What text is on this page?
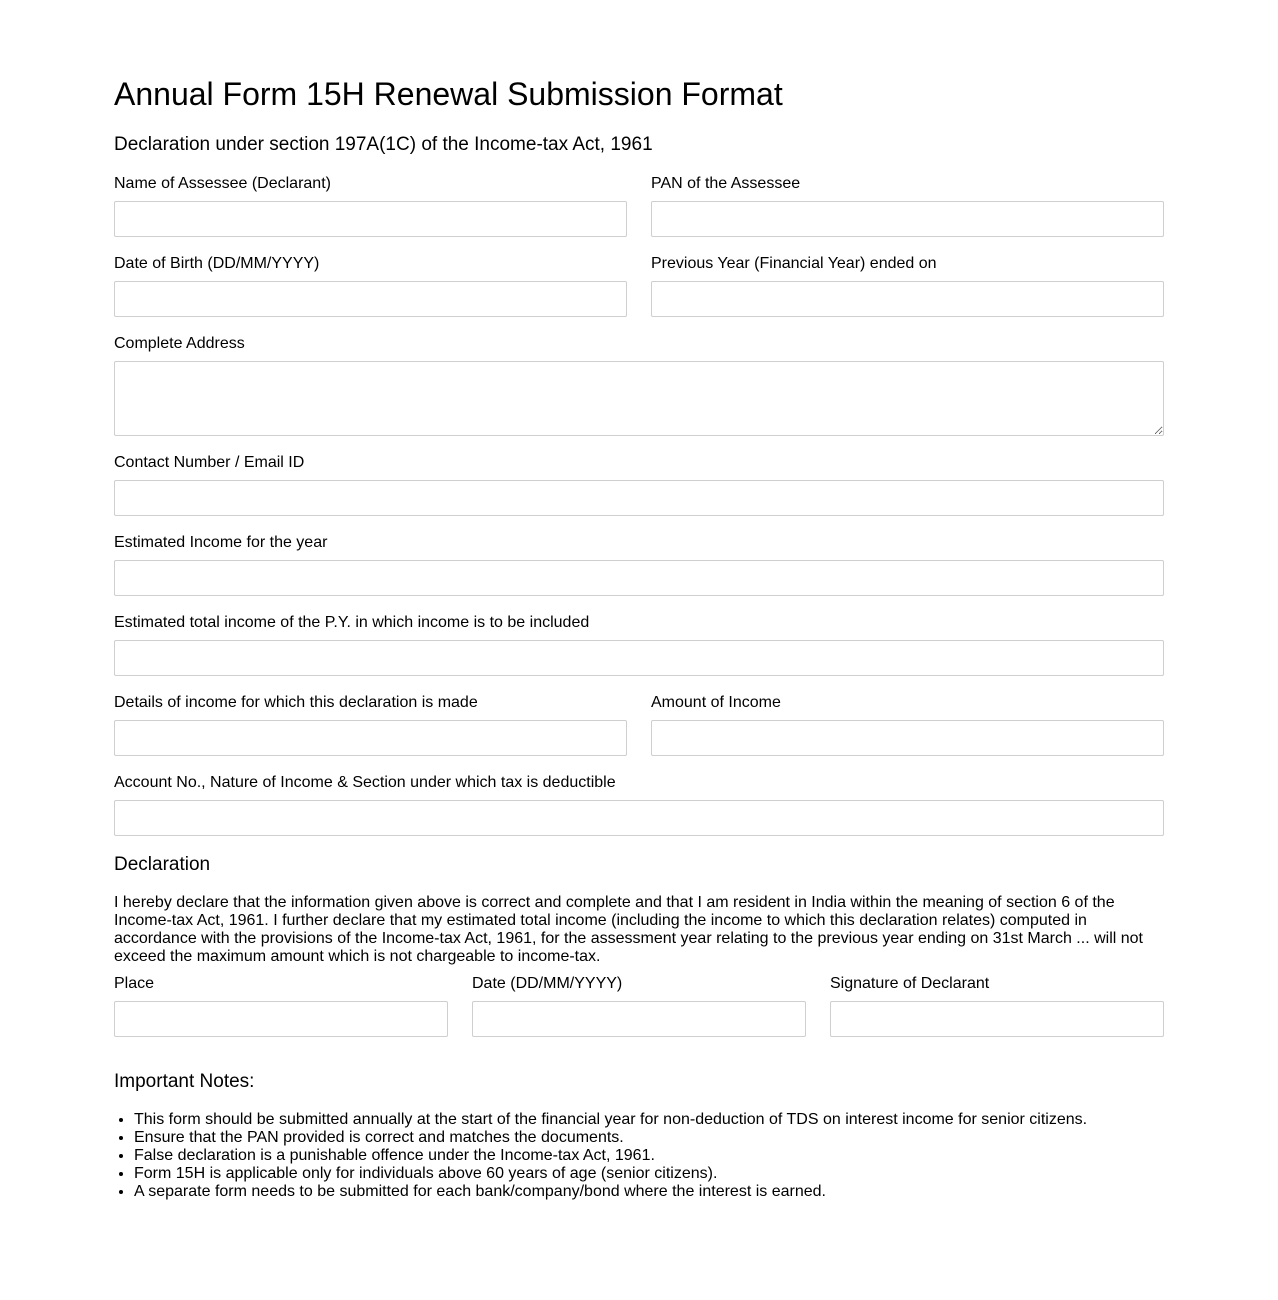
Annual Form 15H Renewal Submission Format
Declaration under section 197A(1C) of the Income-tax Act, 1961
Name of Assessee (Declarant)	PAN of the Assessee
Date of Birth (DD/MM/YYYY)	Previous Year (Financial Year) ended on
Complete Address
Contact Number / Email ID
Estimated Income for the year
Estimated total income of the P.Y. in which income is to be included
Details of income for which this declaration is made	Amount of Income
Account No., Nature of Income & Section under which tax is deductible
Declaration

I hereby declare that the information given above is correct and complete and that I am resident in India within the meaning of section 6 of the Income-tax Act, 1961. I further declare that my estimated total income (including the income to which this declaration relates) computed in accordance with the provisions of the Income-tax Act, 1961, for the assessment year relating to the previous year ending on 31st March ... will not exceed the maximum amount which is not chargeable to income-tax.

Place	Date (DD/MM/YYYY)	Signature of Declarant
Important Notes:
• This form should be submitted annually at the start of the financial year for non-deduction of TDS on interest income for senior citizens.
• Ensure that the PAN provided is correct and matches the documents.
• False declaration is a punishable offence under the Income-tax Act, 1961.
• Form 15H is applicable only for individuals above 60 years of age (senior citizens).
• A separate form needs to be submitted for each bank/company/bond where the interest is earned.
